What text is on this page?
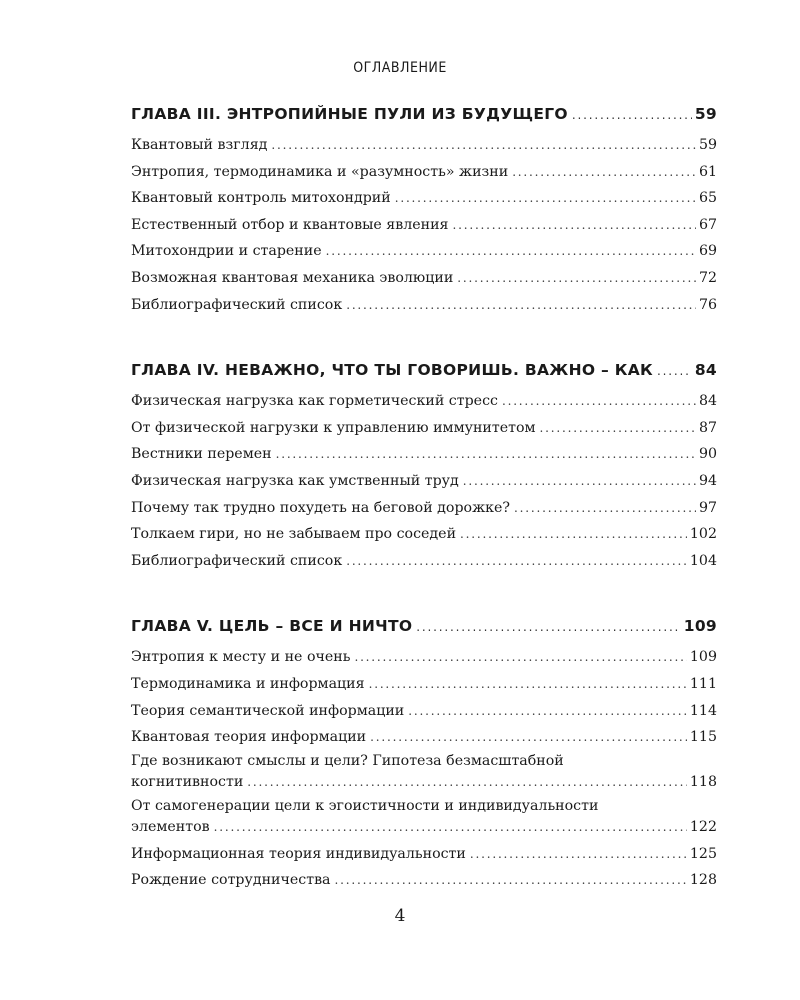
ОГЛАВЛЕНИЕ
ГЛАВА III. ЭНТРОПИЙНЫЕ ПУЛИ ИЗ БУДУЩЕГО .....	59
Квантовый взгляд .....	59
Энтропия, термодинамика и «разумность» жизни .....	61
Квантовый контроль митохондрий .....	65
Естественный отбор и квантовые явления .....	67
Митохондрии и старение .....	69
Возможная квантовая механика эволюции .....	72
Библиографический список .....	76
ГЛАВА IV. НЕВАЖНО, ЧТО ТЫ ГОВОРИШЬ. ВАЖНО – КАК .....	84
Физическая нагрузка как горметический стресс .....	84
От физической нагрузки к управлению иммунитетом .....	87
Вестники перемен .....	90
Физическая нагрузка как умственный труд .....	94
Почему так трудно похудеть на беговой дорожке? .....	97
Толкаем гири, но не забываем про соседей .....	102
Библиографический список .....	104
ГЛАВА V. ЦЕЛЬ – ВСЕ И НИЧТО .....	109
Энтропия к месту и не очень .....	109
Термодинамика и информация .....	111
Теория семантической информации .....	114
Квантовая теория информации .....	115
Где возникают смыслы и цели? Гипотеза безмасштабной
когнитивности .....	118
От самогенерации цели к эгоистичности и индивидуальности
элементов .....	122
Информационная теория индивидуальности .....	125
Рождение сотрудничества .....	128
4
